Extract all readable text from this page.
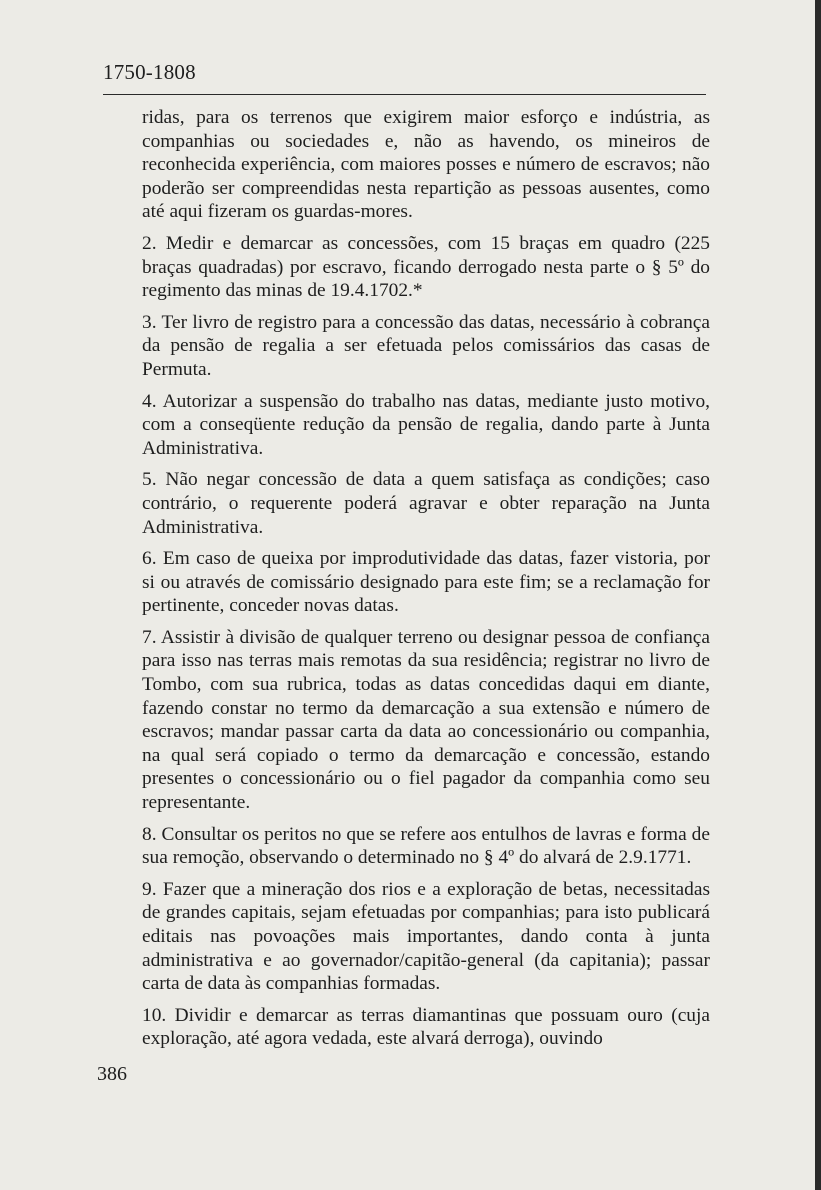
1750-1808

ridas, para os terrenos que exigirem maior esforço e indústria, as companhias ou sociedades e, não as havendo, os mineiros de reconhecida experiência, com maiores posses e número de escravos; não poderão ser compreendidas nesta repartição as pessoas ausentes, como até aqui fizeram os guardas-mores.

2. Medir e demarcar as concessões, com 15 braças em quadro (225 braças quadradas) por escravo, ficando derrogado nesta parte o § 5º do regimento das minas de 19.4.1702.*

3. Ter livro de registro para a concessão das datas, necessário à cobrança da pensão de regalia a ser efetuada pelos comissários das casas de Permuta.

4. Autorizar a suspensão do trabalho nas datas, mediante justo motivo, com a conseqüente redução da pensão de regalia, dando parte à Junta Administrativa.

5. Não negar concessão de data a quem satisfaça as condições; caso contrário, o requerente poderá agravar e obter reparação na Junta Administrativa.

6. Em caso de queixa por improdutividade das datas, fazer vistoria, por si ou através de comissário designado para este fim; se a reclamação for pertinente, conceder novas datas.

7. Assistir à divisão de qualquer terreno ou designar pessoa de confiança para isso nas terras mais remotas da sua residência; registrar no livro de Tombo, com sua rubrica, todas as datas concedidas daqui em diante, fazendo constar no termo da demarcação a sua extensão e número de escravos; mandar passar carta da data ao concessionário ou companhia, na qual será copiado o termo da demarcação e concessão, estando presentes o concessionário ou o fiel pagador da companhia como seu representante.

8. Consultar os peritos no que se refere aos entulhos de lavras e forma de sua remoção, observando o determinado no § 4º do alvará de 2.9.1771.

9. Fazer que a mineração dos rios e a exploração de betas, necessitadas de grandes capitais, sejam efetuadas por companhias; para isto publicará editais nas povoações mais importantes, dando conta à junta administrativa e ao governador/capitão-general (da capitania); passar carta de data às companhias formadas.

10. Dividir e demarcar as terras diamantinas que possuam ouro (cuja exploração, até agora vedada, este alvará derroga), ouvindo

386
